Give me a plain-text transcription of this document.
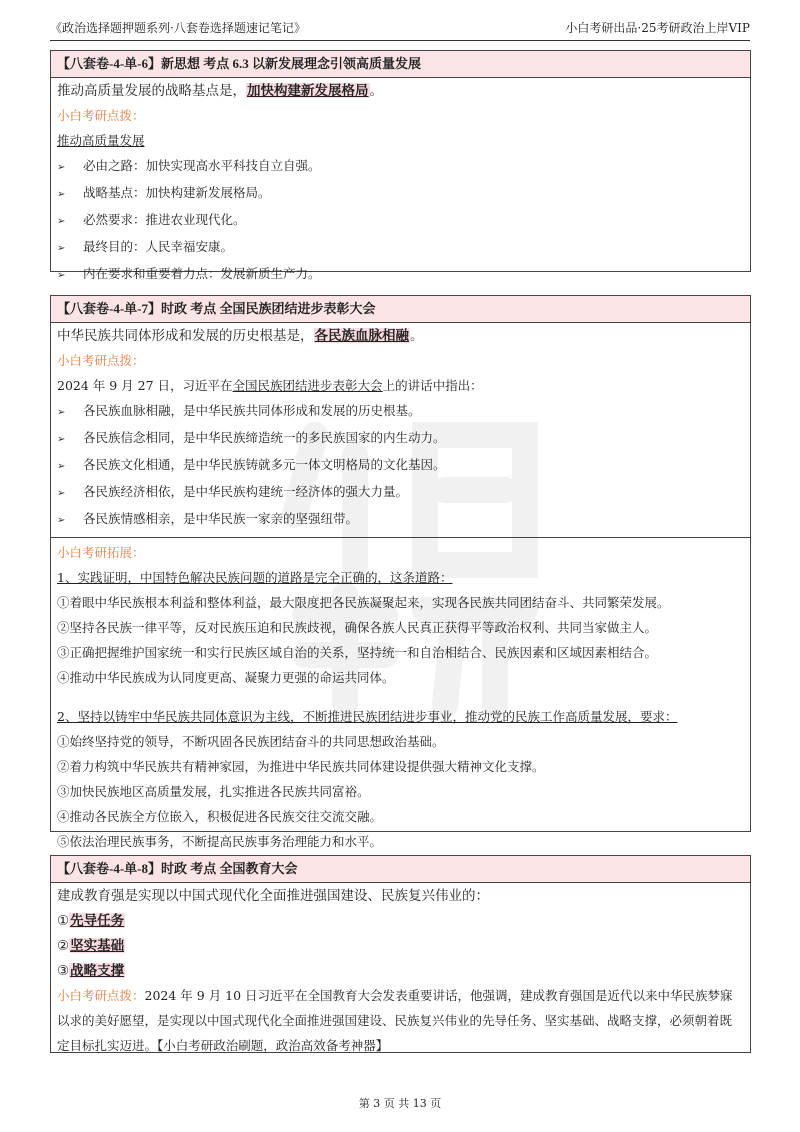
《政治选择题押题系列·八套卷选择题速记笔记》	小白考研出品·25考研政治上岸VIP
【八套卷-4-单-6】新思想 考点 6.3 以新发展理念引领高质量发展
推动高质量发展的战略基点是，加快构建新发展格局。
小白考研点拨：
推动高质量发展
➢ 必由之路：加快实现高水平科技自立自强。
➢ 战略基点：加快构建新发展格局。
➢ 必然要求：推进农业现代化。
➢ 最终目的：人民幸福安康。
➢ 内在要求和重要着力点：发展新质生产力。
【八套卷-4-单-7】时政 考点 全国民族团结进步表彰大会
中华民族共同体形成和发展的历史根基是，各民族血脉相融。
小白考研点拨：
2024 年 9 月 27 日，习近平在全国民族团结进步表彰大会上的讲话中指出：
➢ 各民族血脉相融，是中华民族共同体形成和发展的历史根基。
➢ 各民族信念相同，是中华民族缔造统一的多民族国家的内生动力。
➢ 各民族文化相通，是中华民族铸就多元一体文明格局的文化基因。
➢ 各民族经济相依，是中华民族构建统一经济体的强大力量。
➢ 各民族情感相亲，是中华民族一家亲的坚强纽带。
小白考研拓展：
1、实践证明，中国特色解决民族问题的道路是完全正确的，这条道路：
①着眼中华民族根本利益和整体利益，最大限度把各民族凝聚起来，实现各民族共同团结奋斗、共同繁荣发展。
②坚持各民族一律平等，反对民族压迫和民族歧视，确保各族人民真正获得平等政治权利、共同当家做主人。
③正确把握维护国家统一和实行民族区域自治的关系，坚持统一和自治相结合、民族因素和区域因素相结合。
④推动中华民族成为认同度更高、凝聚力更强的命运共同体。
2、坚持以铸牢中华民族共同体意识为主线，不断推进民族团结进步事业，推动党的民族工作高质量发展，要求：
①始终坚持党的领导，不断巩固各民族团结奋斗的共同思想政治基础。
②着力构筑中华民族共有精神家园，为推进中华民族共同体建设提供强大精神文化支撑。
③加快民族地区高质量发展，扎实推进各民族共同富裕。
④推动各民族全方位嵌入，积极促进各民族交往交流交融。
⑤依法治理民族事务，不断提高民族事务治理能力和水平。
【八套卷-4-单-8】时政 考点 全国教育大会
建成教育强是实现以中国式现代化全面推进强国建设、民族复兴伟业的：
①先导任务
②坚实基础
③战略支撑
小白考研点拨：2024 年 9 月 10 日习近平在全国教育大会发表重要讲话，他强调，建成教育强国是近代以来中华民族梦寐以求的美好愿望，是实现以中国式现代化全面推进强国建设、民族复兴伟业的先导任务、坚实基础、战略支撑，必须朝着既定目标扎实迈进。【小白考研政治刷题，政治高效备考神器】
第 3 页 共 13 页
